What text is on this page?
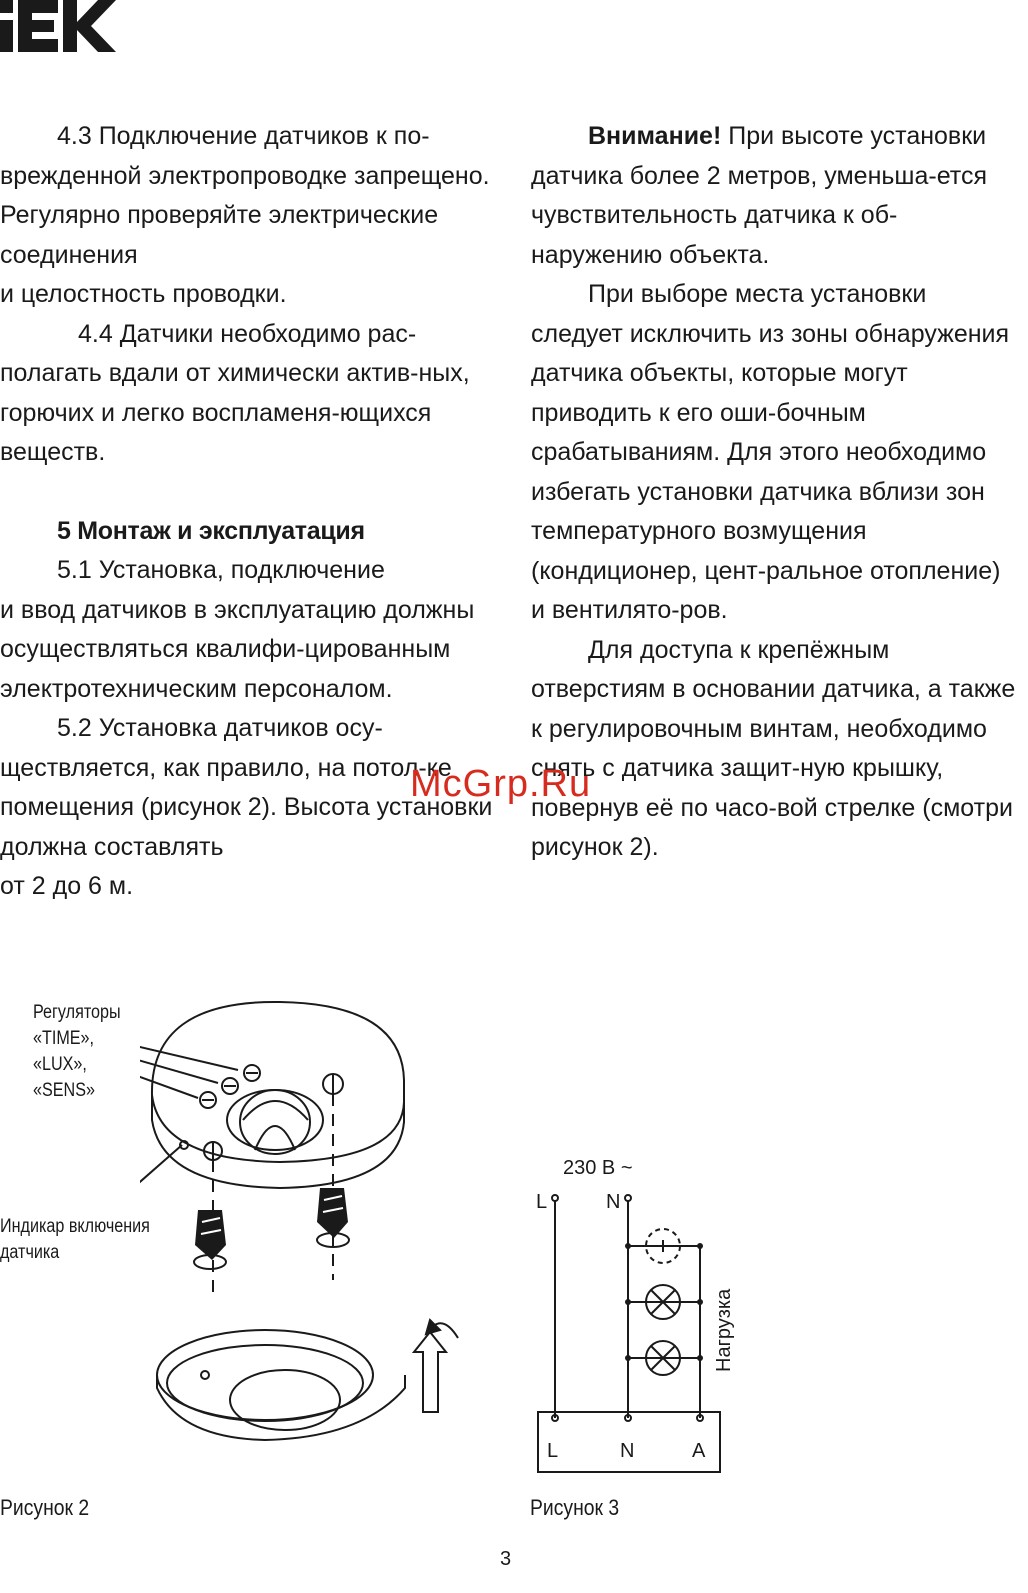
4.3 Подключение датчиков к по-врежденной электропроводке запрещено. Регулярно проверяйте электрические соединения

и целостность проводки.

4.4 Датчики необходимо рас-полагать вдали от химически актив-ных, горючих и легко воспламеня-ющихся веществ.

5 Монтаж и эксплуатация

5.1 Установка, подключение

и ввод датчиков в эксплуатацию должны осуществляться квалифи-цированным электротехническим персоналом.

5.2 Установка датчиков осу-ществляется, как правило, на потол-ке помещения (рисунок 2). Высота установки должна составлять

от 2 до 6 м.

Внимание! При высоте установки датчика более 2 метров, уменьша-ется чувствительность датчика к об-наружению объекта.

При выборе места установки следует исключить из зоны обнаружения датчика объекты, которые могут приводить к его оши-бочным срабатываниям. Для этого необходимо избегать установки датчика вблизи зон температурного возмущения (кондиционер, цент-ральное отопление) и вентилято-ров.

Для доступа к крепёжным отверстиям в основании датчика, а также к регулировочным винтам, необходимо снять с датчика защит-ную крышку, повернув её по часо-вой стрелке (смотри рисунок 2).

McGrp.Ru
Регуляторы
«TIME»,
«LUX»,
«SENS»
Индикар включения
датчика
Рисунок 2
230 В ~
L	N
Нагрузка
L	N	A
Рисунок 3
3
